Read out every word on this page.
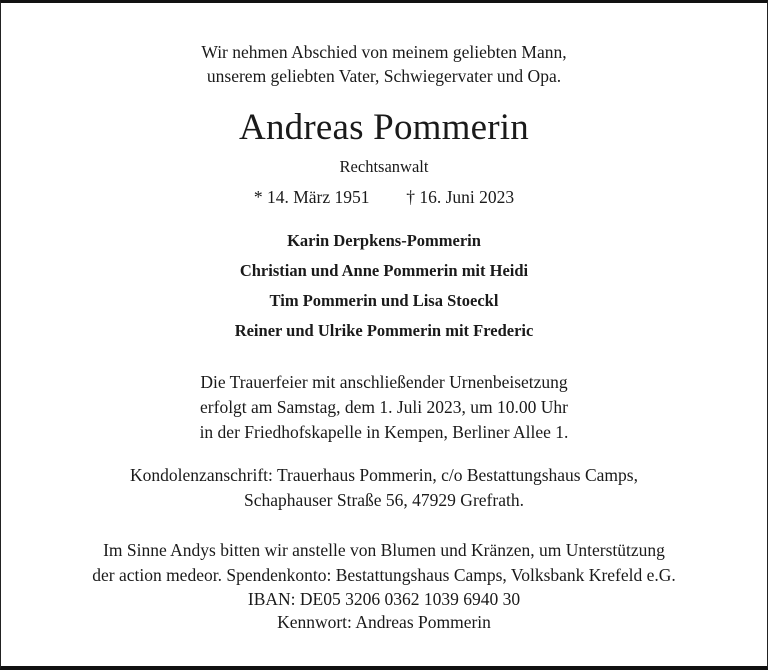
Wir nehmen Abschied von meinem geliebten Mann,
unserem geliebten Vater, Schwiegervater und Opa.
Andreas Pommerin
Rechtsanwalt
* 14. März 1951 † 16. Juni 2023
Karin Derpkens-Pommerin
Christian und Anne Pommerin mit Heidi
Tim Pommerin und Lisa Stoeckl
Reiner und Ulrike Pommerin mit Frederic
Die Trauerfeier mit anschließender Urnenbeisetzung
erfolgt am Samstag, dem 1. Juli 2023, um 10.00 Uhr
in der Friedhofskapelle in Kempen, Berliner Allee 1.
Kondolenzanschrift: Trauerhaus Pommerin, c/o Bestattungshaus Camps,
Schaphauser Straße 56, 47929 Grefrath.
Im Sinne Andys bitten wir anstelle von Blumen und Kränzen, um Unterstützung
der action medeor. Spendenkonto: Bestattungshaus Camps, Volksbank Krefeld e.G.
IBAN: DE05 3206 0362 1039 6940 30
Kennwort: Andreas Pommerin
